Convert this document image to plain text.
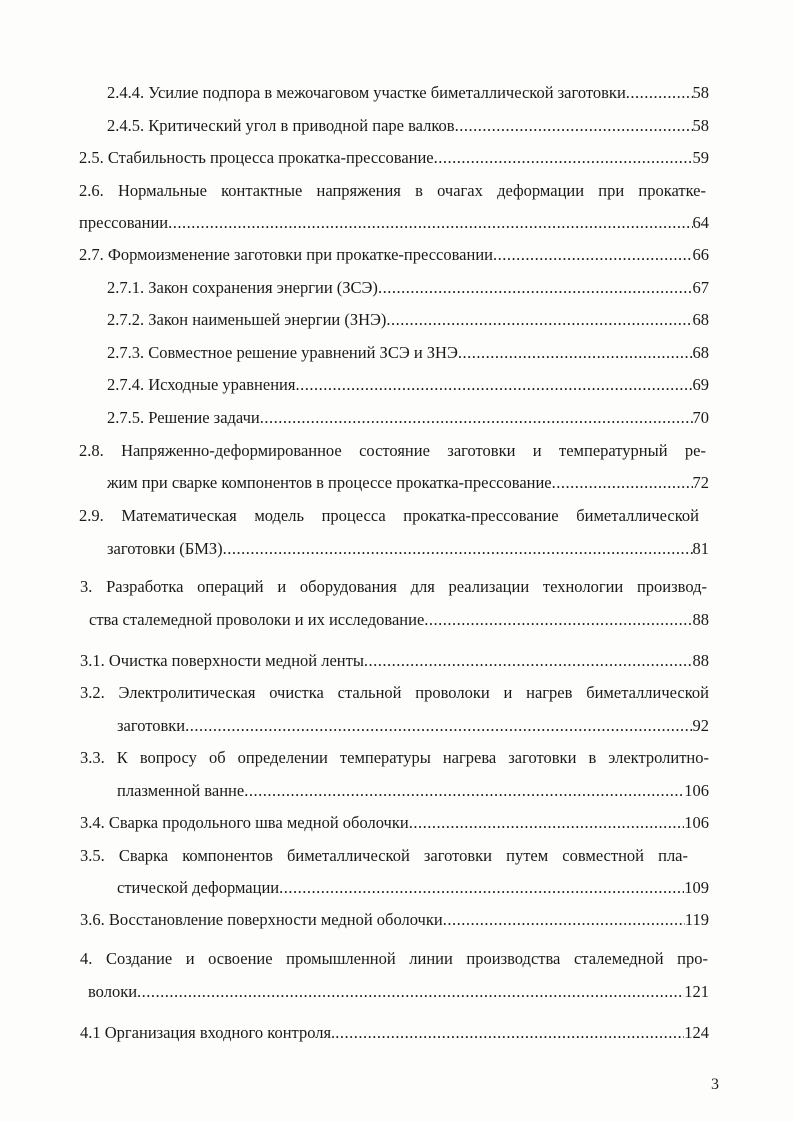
2.4.4. Усилие подпора в межочаговом участке биметаллической заготовки .....	58
2.4.5. Критический угол в приводной паре валков .....	58
2.5. Стабильность процесса прокатка-прессование .....	59
2.6. Нормальные контактные напряжения в очагах деформации при прокатке-
прессовании .....	64
2.7. Формоизменение заготовки при прокатке-прессовании .....	66
2.7.1. Закон сохранения энергии (ЗСЭ) .....	67
2.7.2. Закон наименьшей энергии (ЗНЭ) .....	68
2.7.3. Совместное решение уравнений ЗСЭ и ЗНЭ .....	68
2.7.4. Исходные уравнения .....	69
2.7.5. Решение задачи .....	70
2.8. Напряженно-деформированное состояние заготовки и температурный ре-
жим при сварке компонентов в процессе прокатка-прессование .....	72
2.9. Математическая модель процесса прокатка-прессование биметаллической
заготовки (БМЗ) .....	81
3. Разработка операций и оборудования для реализации технологии производ-
ства сталемедной проволоки и их исследование .....	88
3.1. Очистка поверхности медной ленты .....	88
3.2. Электролитическая очистка стальной проволоки и нагрев биметаллической
заготовки .....	92
3.3. К вопросу об определении температуры нагрева заготовки в электролитно-
плазменной ванне .....	106
3.4. Сварка продольного шва медной оболочки .....	106
3.5. Сварка компонентов биметаллической заготовки путем совместной пла-
стической деформации .....	109
3.6. Восстановление поверхности медной оболочки .....	119
4. Создание и освоение промышленной линии производства сталемедной про-
волоки .....	121
4.1 Организация входного контроля. .....	124
3
